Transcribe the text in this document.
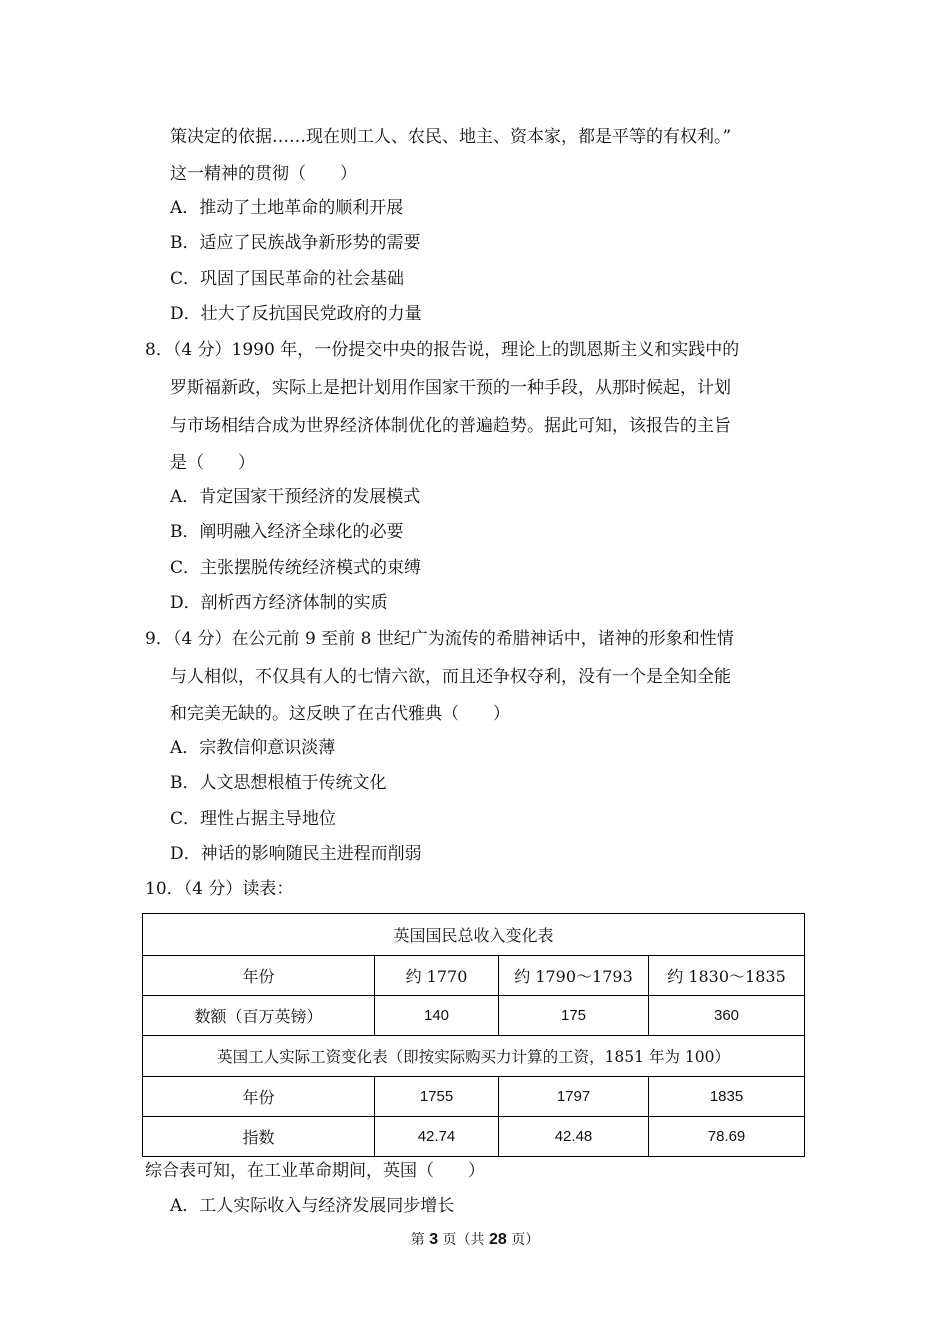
策决定的依据……现在则工人、农民、地主、资本家，都是平等的有权利。”
这一精神的贯彻（　　）
A．推动了土地革命的顺利开展
B．适应了民族战争新形势的需要
C．巩固了国民革命的社会基础
D．壮大了反抗国民党政府的力量
8．（4 分）1990 年，一份提交中央的报告说，理论上的凯恩斯主义和实践中的
罗斯福新政，实际上是把计划用作国家干预的一种手段，从那时候起，计划
与市场相结合成为世界经济体制优化的普遍趋势。据此可知，该报告的主旨
是（　　）
A．肯定国家干预经济的发展模式
B．阐明融入经济全球化的必要
C．主张摆脱传统经济模式的束缚
D．剖析西方经济体制的实质
9．（4 分）在公元前 9 至前 8 世纪广为流传的希腊神话中，诸神的形象和性情
与人相似，不仅具有人的七情六欲，而且还争权夺利，没有一个是全知全能
和完美无缺的。这反映了在古代雅典（　　）
A．宗教信仰意识淡薄
B．人文思想根植于传统文化
C．理性占据主导地位
D．神话的影响随民主进程而削弱
10．（4 分）读表：
英国国民总收入变化表			
年份	约 1770	约 1790～1793	约 1830～1835
数额（百万英镑）	140	175	360
英国工人实际工资变化表（即按实际购买力计算的工资，1851 年为 100）			
年份	1755	1797	1835
指数	42.74	42.48	78.69
综合表可知，在工业革命期间，英国（　　）
A．工人实际收入与经济发展同步增长
第 3 页（共 28 页）
